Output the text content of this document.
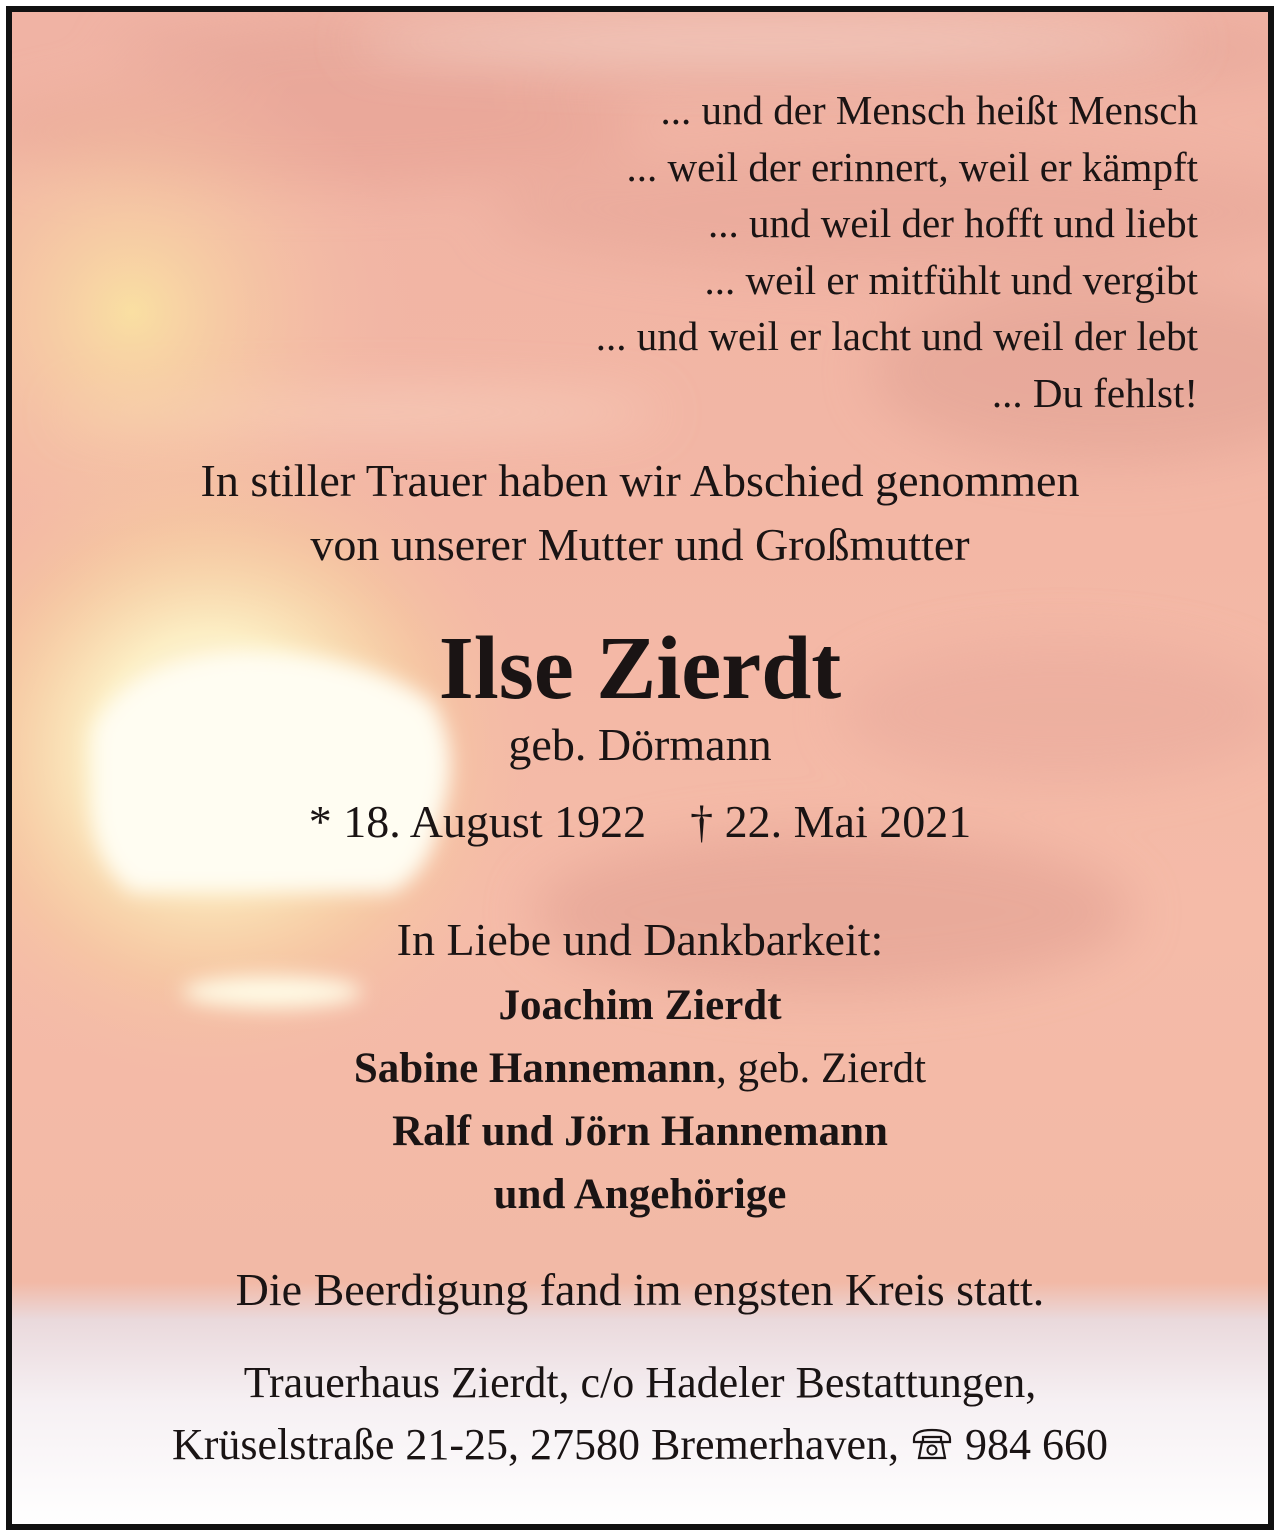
... und der Mensch heißt Mensch
... weil der erinnert, weil er kämpft
... und weil der hofft und liebt
... weil er mitfühlt und vergibt
... und weil er lacht und weil der lebt
... Du fehlst!
In stiller Trauer haben wir Abschied genommen
von unserer Mutter und Großmutter
Ilse Zierdt
geb. Dörmann
* 18. August 1922 † 22. Mai 2021
In Liebe und Dankbarkeit:
Joachim Zierdt
Sabine Hannemann, geb. Zierdt
Ralf und Jörn Hannemann
und Angehörige
Die Beerdigung fand im engsten Kreis statt.
Trauerhaus Zierdt, c/o Hadeler Bestattungen,
Krüselstraße 21-25, 27580 Bremerhaven, 984 660
